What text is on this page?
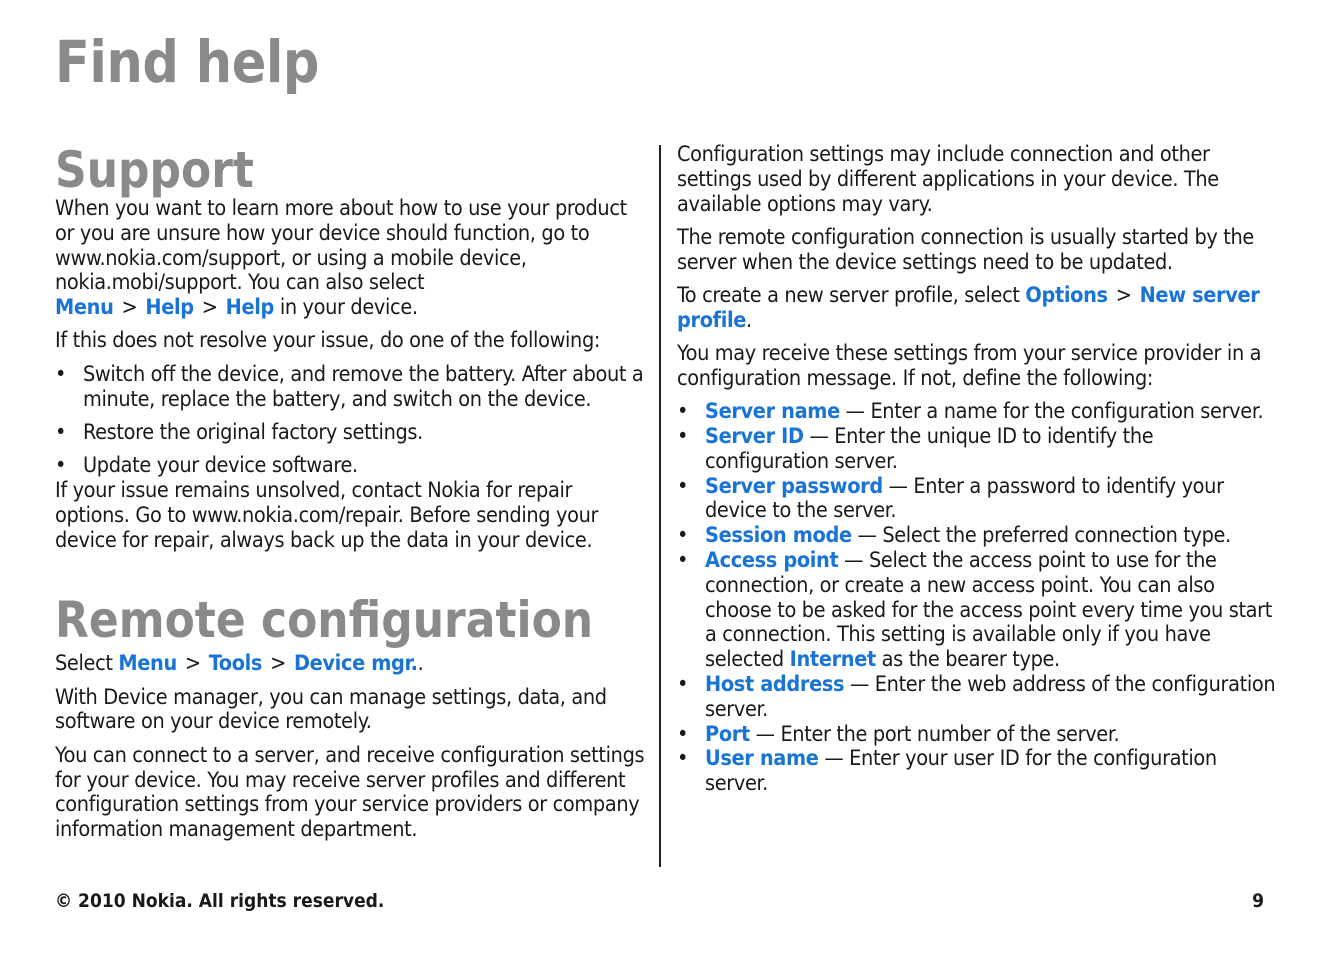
Find help
Support

When you want to learn more about how to use your product or you are unsure how your device should function, go to www.nokia.com/support, or using a mobile device, nokia.mobi/support. You can also select Menu > Help > Help in your device.

If this does not resolve your issue, do one of the following:

• Switch off the device, and remove the battery. After about a minute, replace the battery, and switch on the device.
• Restore the original factory settings.
• Update your device software.

If your issue remains unsolved, contact Nokia for repair options. Go to www.nokia.com/repair. Before sending your device for repair, always back up the data in your device.

Remote configuration

Select Menu > Tools > Device mgr..

With Device manager, you can manage settings, data, and software on your device remotely.

You can connect to a server, and receive configuration settings for your device. You may receive server profiles and different configuration settings from your service providers or company information management department.

Configuration settings may include connection and other settings used by different applications in your device. The available options may vary.

The remote configuration connection is usually started by the server when the device settings need to be updated.

To create a new server profile, select Options > New server profile.

You may receive these settings from your service provider in a configuration message. If not, define the following:

• Server name — Enter a name for the configuration server.
• Server ID — Enter the unique ID to identify the configuration server.
• Server password — Enter a password to identify your device to the server.
• Session mode — Select the preferred connection type.
• Access point — Select the access point to use for the connection, or create a new access point. You can also choose to be asked for the access point every time you start a connection. This setting is available only if you have selected Internet as the bearer type.
• Host address — Enter the web address of the configuration server.
• Port — Enter the port number of the server.
• User name — Enter your user ID for the configuration server.
© 2010 Nokia. All rights reserved.	9
